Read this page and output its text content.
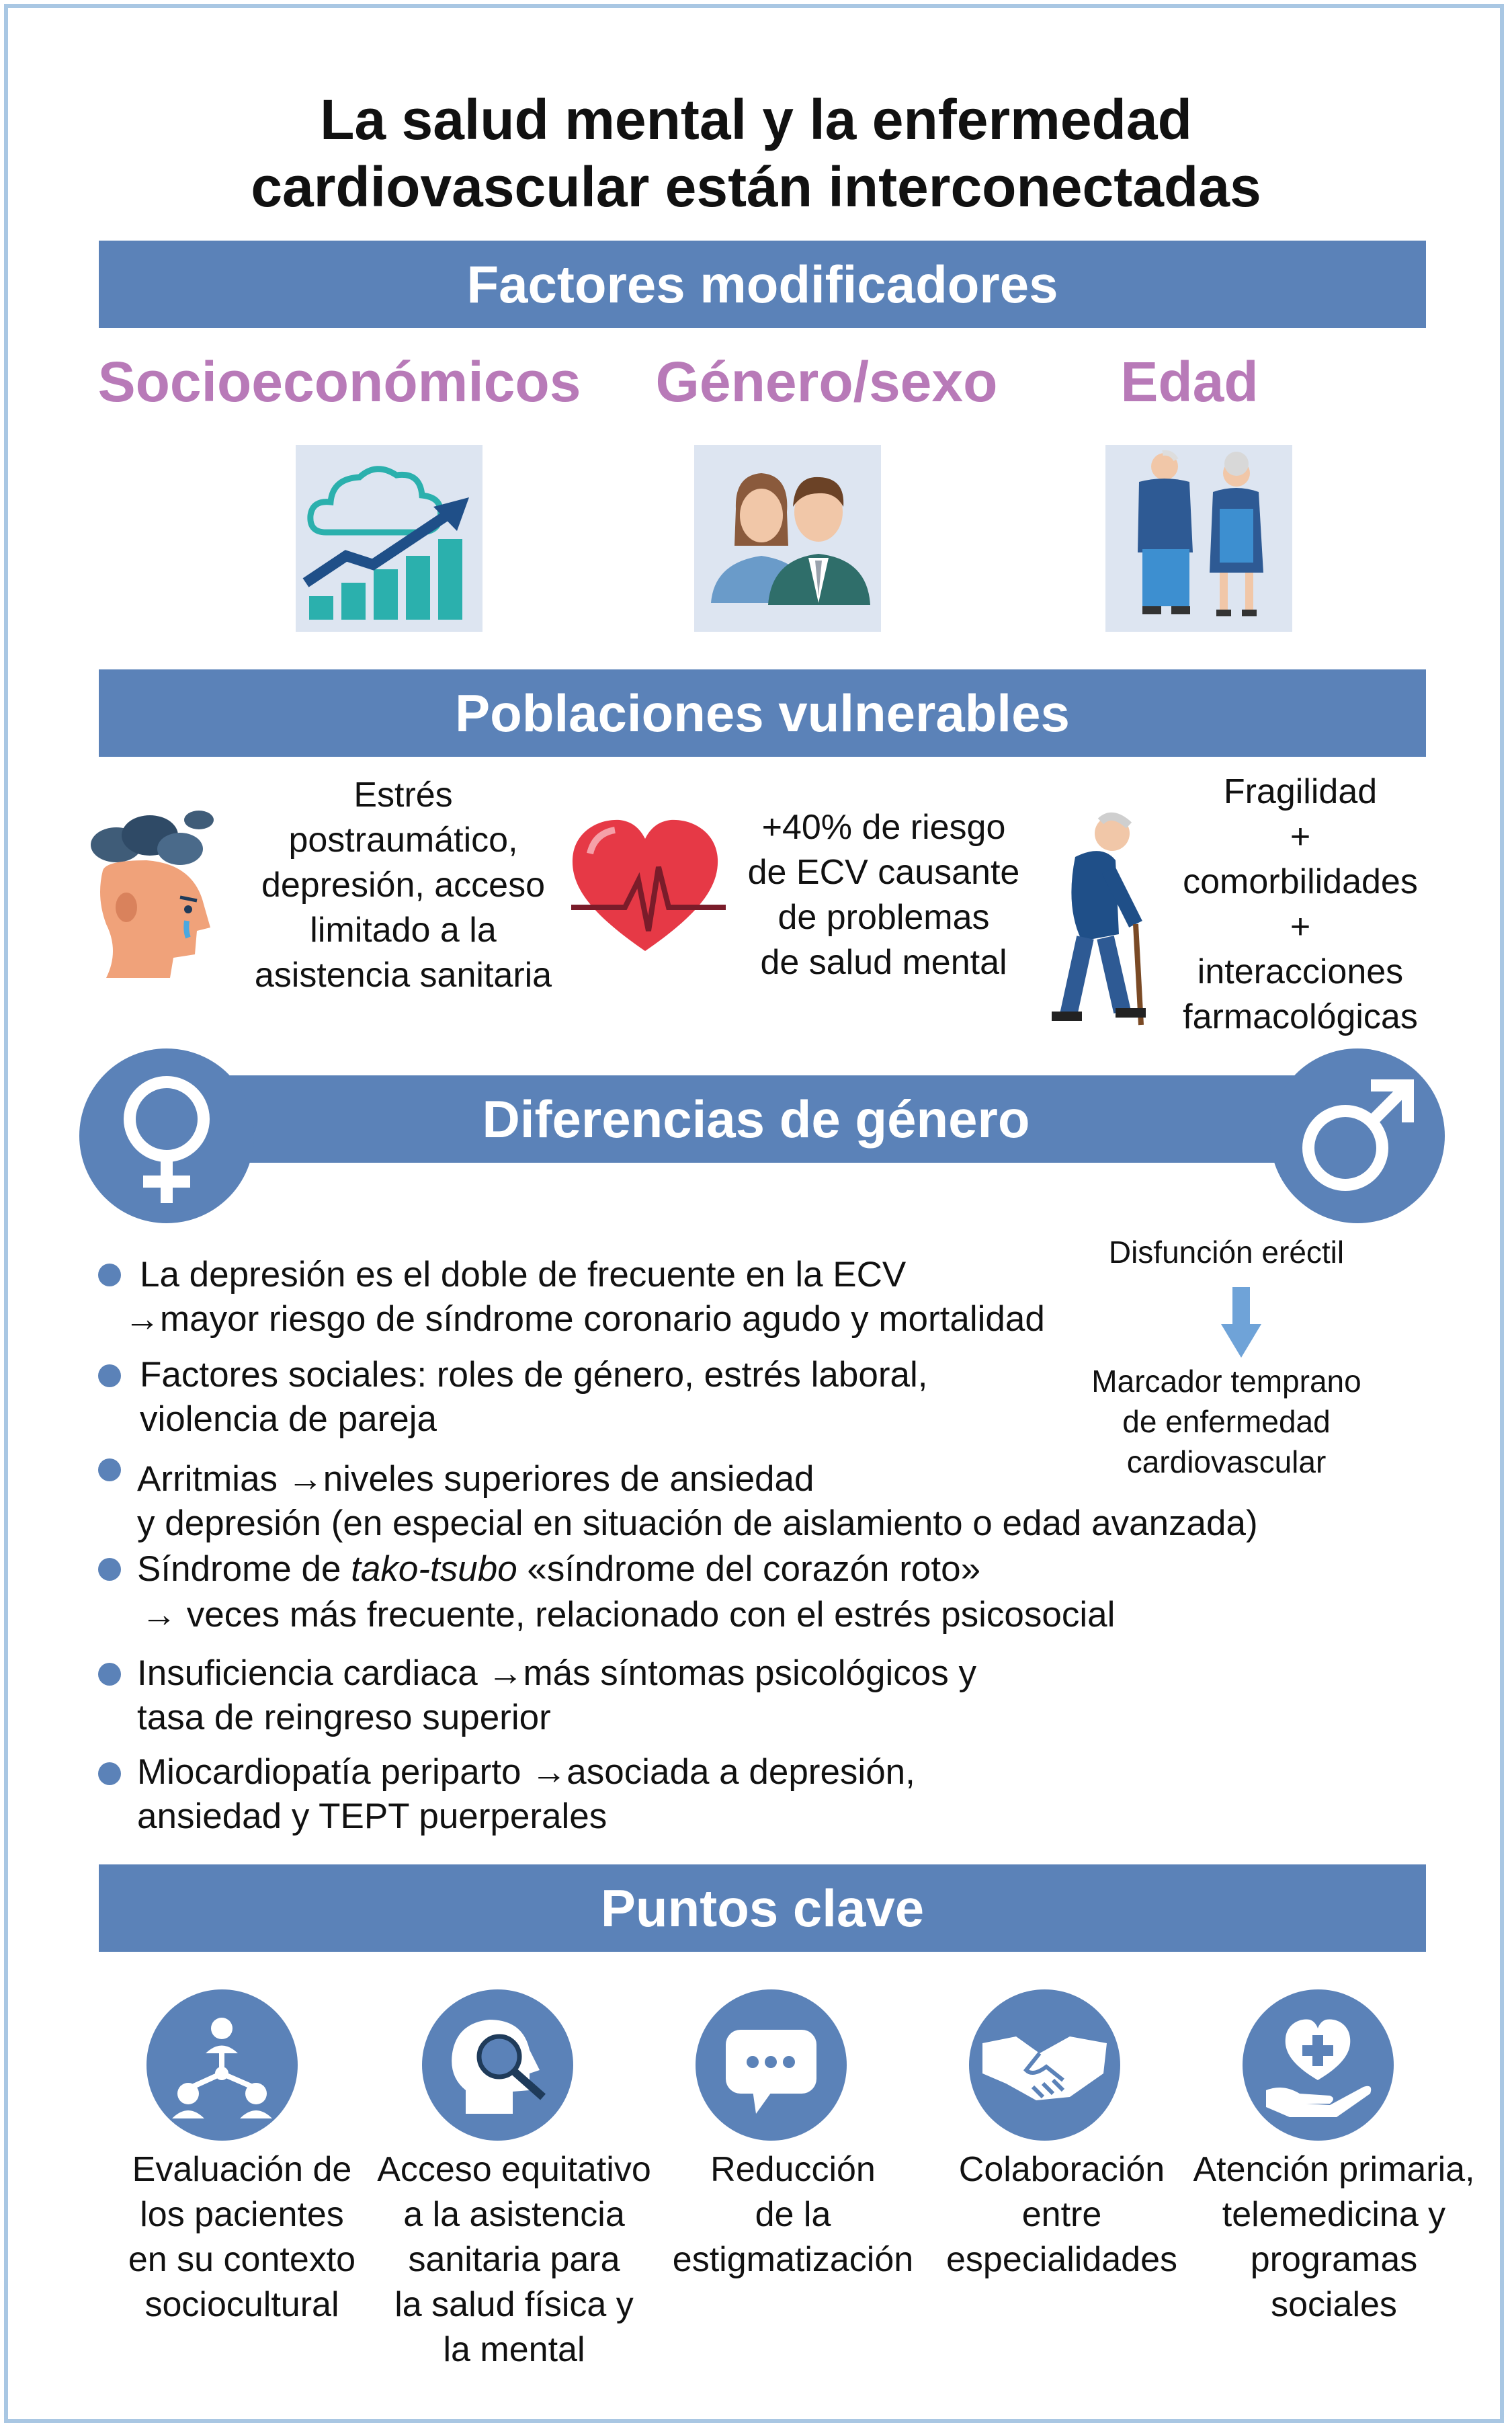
La salud mental y la enfermedad
cardiovascular están interconectadas
Factores modificadores
Socioeconómicos	Género/sexo	Edad
Poblaciones vulnerables
Estrés
postraumático,
depresión, acceso
limitado a la
asistencia sanitaria
+40% de riesgo
de ECV causante
de problemas
de salud mental
Fragilidad
+
comorbilidades
+
interacciones
farmacológicas
Diferencias de género
La depresión es el doble de frecuente en la ECV
→mayor riesgo de síndrome coronario agudo y mortalidad
Factores sociales: roles de género, estrés laboral,
violencia de pareja
Arritmias →niveles superiores de ansiedad
y depresión (en especial en situación de aislamiento o edad avanzada)
Síndrome de tako-tsubo «síndrome del corazón roto»
→ veces más frecuente, relacionado con el estrés psicosocial
Insuficiencia cardiaca →más síntomas psicológicos y
tasa de reingreso superior
Miocardiopatía periparto →asociada a depresión,
ansiedad y TEPT puerperales
Disfunción eréctil
Marcador temprano
de enfermedad
cardiovascular
Puntos clave
Evaluación de
los pacientes
en su contexto
sociocultural
Acceso equitativo
a la asistencia
sanitaria para
la salud física y
la mental
Reducción
de la
estigmatización
Colaboración
entre
especialidades
Atención primaria,
telemedicina y
programas
sociales
